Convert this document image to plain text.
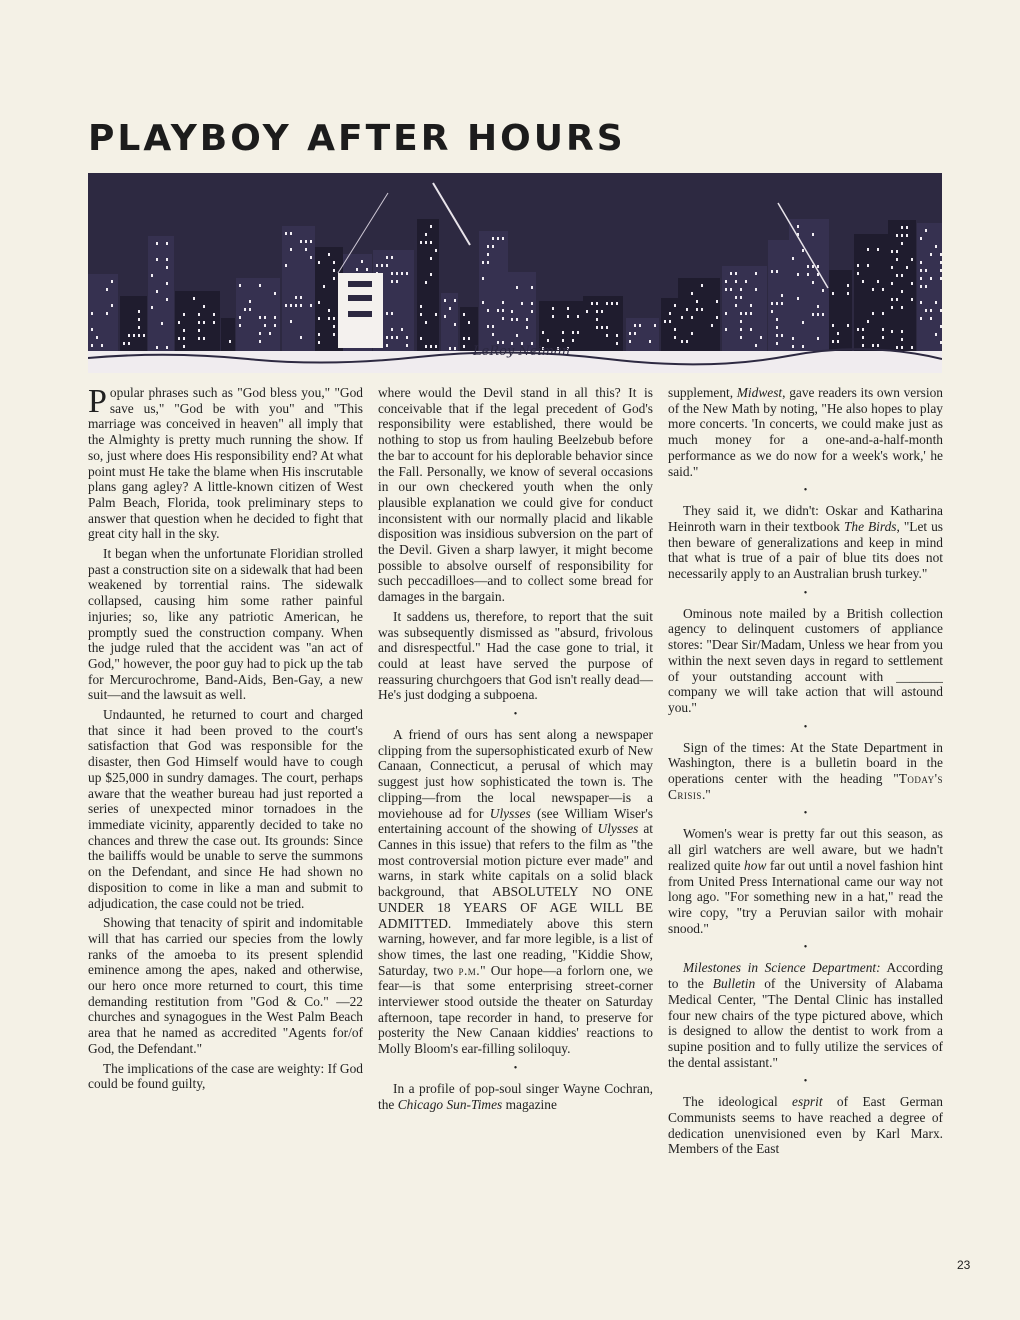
PLAYBOY AFTER HOURS
LeRoy Neiman

Popular phrases such as "God bless you," "God save us," "God be with you" and "This marriage was conceived in heaven" all imply that the Almighty is pretty much running the show. If so, just where does His responsibility end? At what point must He take the blame when His inscrutable plans gang agley? A little-known citizen of West Palm Beach, Florida, took preliminary steps to answer that question when he decided to fight that great city hall in the sky.

It began when the unfortunate Floridian strolled past a construction site on a sidewalk that had been weakened by torrential rains. The sidewalk collapsed, causing him some rather painful injuries; so, like any patriotic American, he promptly sued the construction company. When the judge ruled that the accident was "an act of God," however, the poor guy had to pick up the tab for Mercurochrome, Band-Aids, Ben-Gay, a new suit—and the lawsuit as well.

Undaunted, he returned to court and charged that since it had been proved to the court's satisfaction that God was responsible for the disaster, then God Himself would have to cough up $25,000 in sundry damages. The court, perhaps aware that the weather bureau had just reported a series of unexpected minor tornadoes in the immediate vicinity, apparently decided to take no chances and threw the case out. Its grounds: Since the bailiffs would be unable to serve the summons on the Defendant, and since He had shown no disposition to come in like a man and submit to adjudication, the case could not be tried.

Showing that tenacity of spirit and indomitable will that has carried our species from the lowly ranks of the amoeba to its present splendid eminence among the apes, naked and otherwise, our hero once more returned to court, this time demanding restitution from "God & Co." —22 churches and synagogues in the West Palm Beach area that he named as accredited "Agents for/of God, the Defendant."

The implications of the case are weighty: If God could be found guilty,

where would the Devil stand in all this? It is conceivable that if the legal precedent of God's responsibility were established, there would be nothing to stop us from hauling Beelzebub before the bar to account for his deplorable behavior since the Fall. Personally, we know of several occasions in our own checkered youth when the only plausible explanation we could give for conduct inconsistent with our normally placid and likable disposition was insidious subversion on the part of the Devil. Given a sharp lawyer, it might become possible to absolve ourself of responsibility for such peccadilloes—and to collect some bread for damages in the bargain.

It saddens us, therefore, to report that the suit was subsequently dismissed as "absurd, frivolous and disrespectful." Had the case gone to trial, it could at least have served the purpose of reassuring churchgoers that God isn't really dead—He's just dodging a subpoena.

•

A friend of ours has sent along a newspaper clipping from the supersophisticated exurb of New Canaan, Connecticut, a perusal of which may suggest just how sophisticated the town is. The clipping—from the local newspaper—is a moviehouse ad for Ulysses (see William Wiser's entertaining account of the showing of Ulysses at Cannes in this issue) that refers to the film as "the most controversial motion picture ever made" and warns, in stark white capitals on a solid black background, that ABSOLUTELY NO ONE UNDER 18 YEARS OF AGE WILL BE ADMITTED. Immediately above this stern warning, however, and far more legible, is a list of show times, the last one reading, "Kiddie Show, Saturday, two p.m." Our hope—a forlorn one, we fear—is that some enterprising street-corner interviewer stood outside the theater on Saturday afternoon, tape recorder in hand, to preserve for posterity the New Canaan kiddies' reactions to Molly Bloom's ear-filling soliloquy.

•

In a profile of pop-soul singer Wayne Cochran, the Chicago Sun-Times magazine

supplement, Midwest, gave readers its own version of the New Math by noting, "He also hopes to play more concerts. 'In concerts, we could make just as much money for a one-and-a-half-month performance as we do now for a week's work,' he said."

•

They said it, we didn't: Oskar and Katharina Heinroth warn in their textbook The Birds, "Let us then beware of generalizations and keep in mind that what is true of a pair of blue tits does not necessarily apply to an Australian brush turkey."

•

Ominous note mailed by a British collection agency to delinquent customers of appliance stores: "Dear Sir/Madam, Unless we hear from you within the next seven days in regard to settlement of your outstanding account with _______ company we will take action that will astound you."

•

Sign of the times: At the State Department in Washington, there is a bulletin board in the operations center with the heading "Today's Crisis."

•

Women's wear is pretty far out this season, as all girl watchers are well aware, but we hadn't realized quite how far out until a novel fashion hint from United Press International came our way not long ago. "For something new in a hat," read the wire copy, "try a Peruvian sailor with mohair snood."

•

Milestones in Science Department: According to the Bulletin of the University of Alabama Medical Center, "The Dental Clinic has installed four new chairs of the type pictured above, which is designed to allow the dentist to work from a supine position and to fully utilize the services of the dental assistant."

•

The ideological esprit of East German Communists seems to have reached a degree of dedication unenvisioned even by Karl Marx. Members of the East

23
